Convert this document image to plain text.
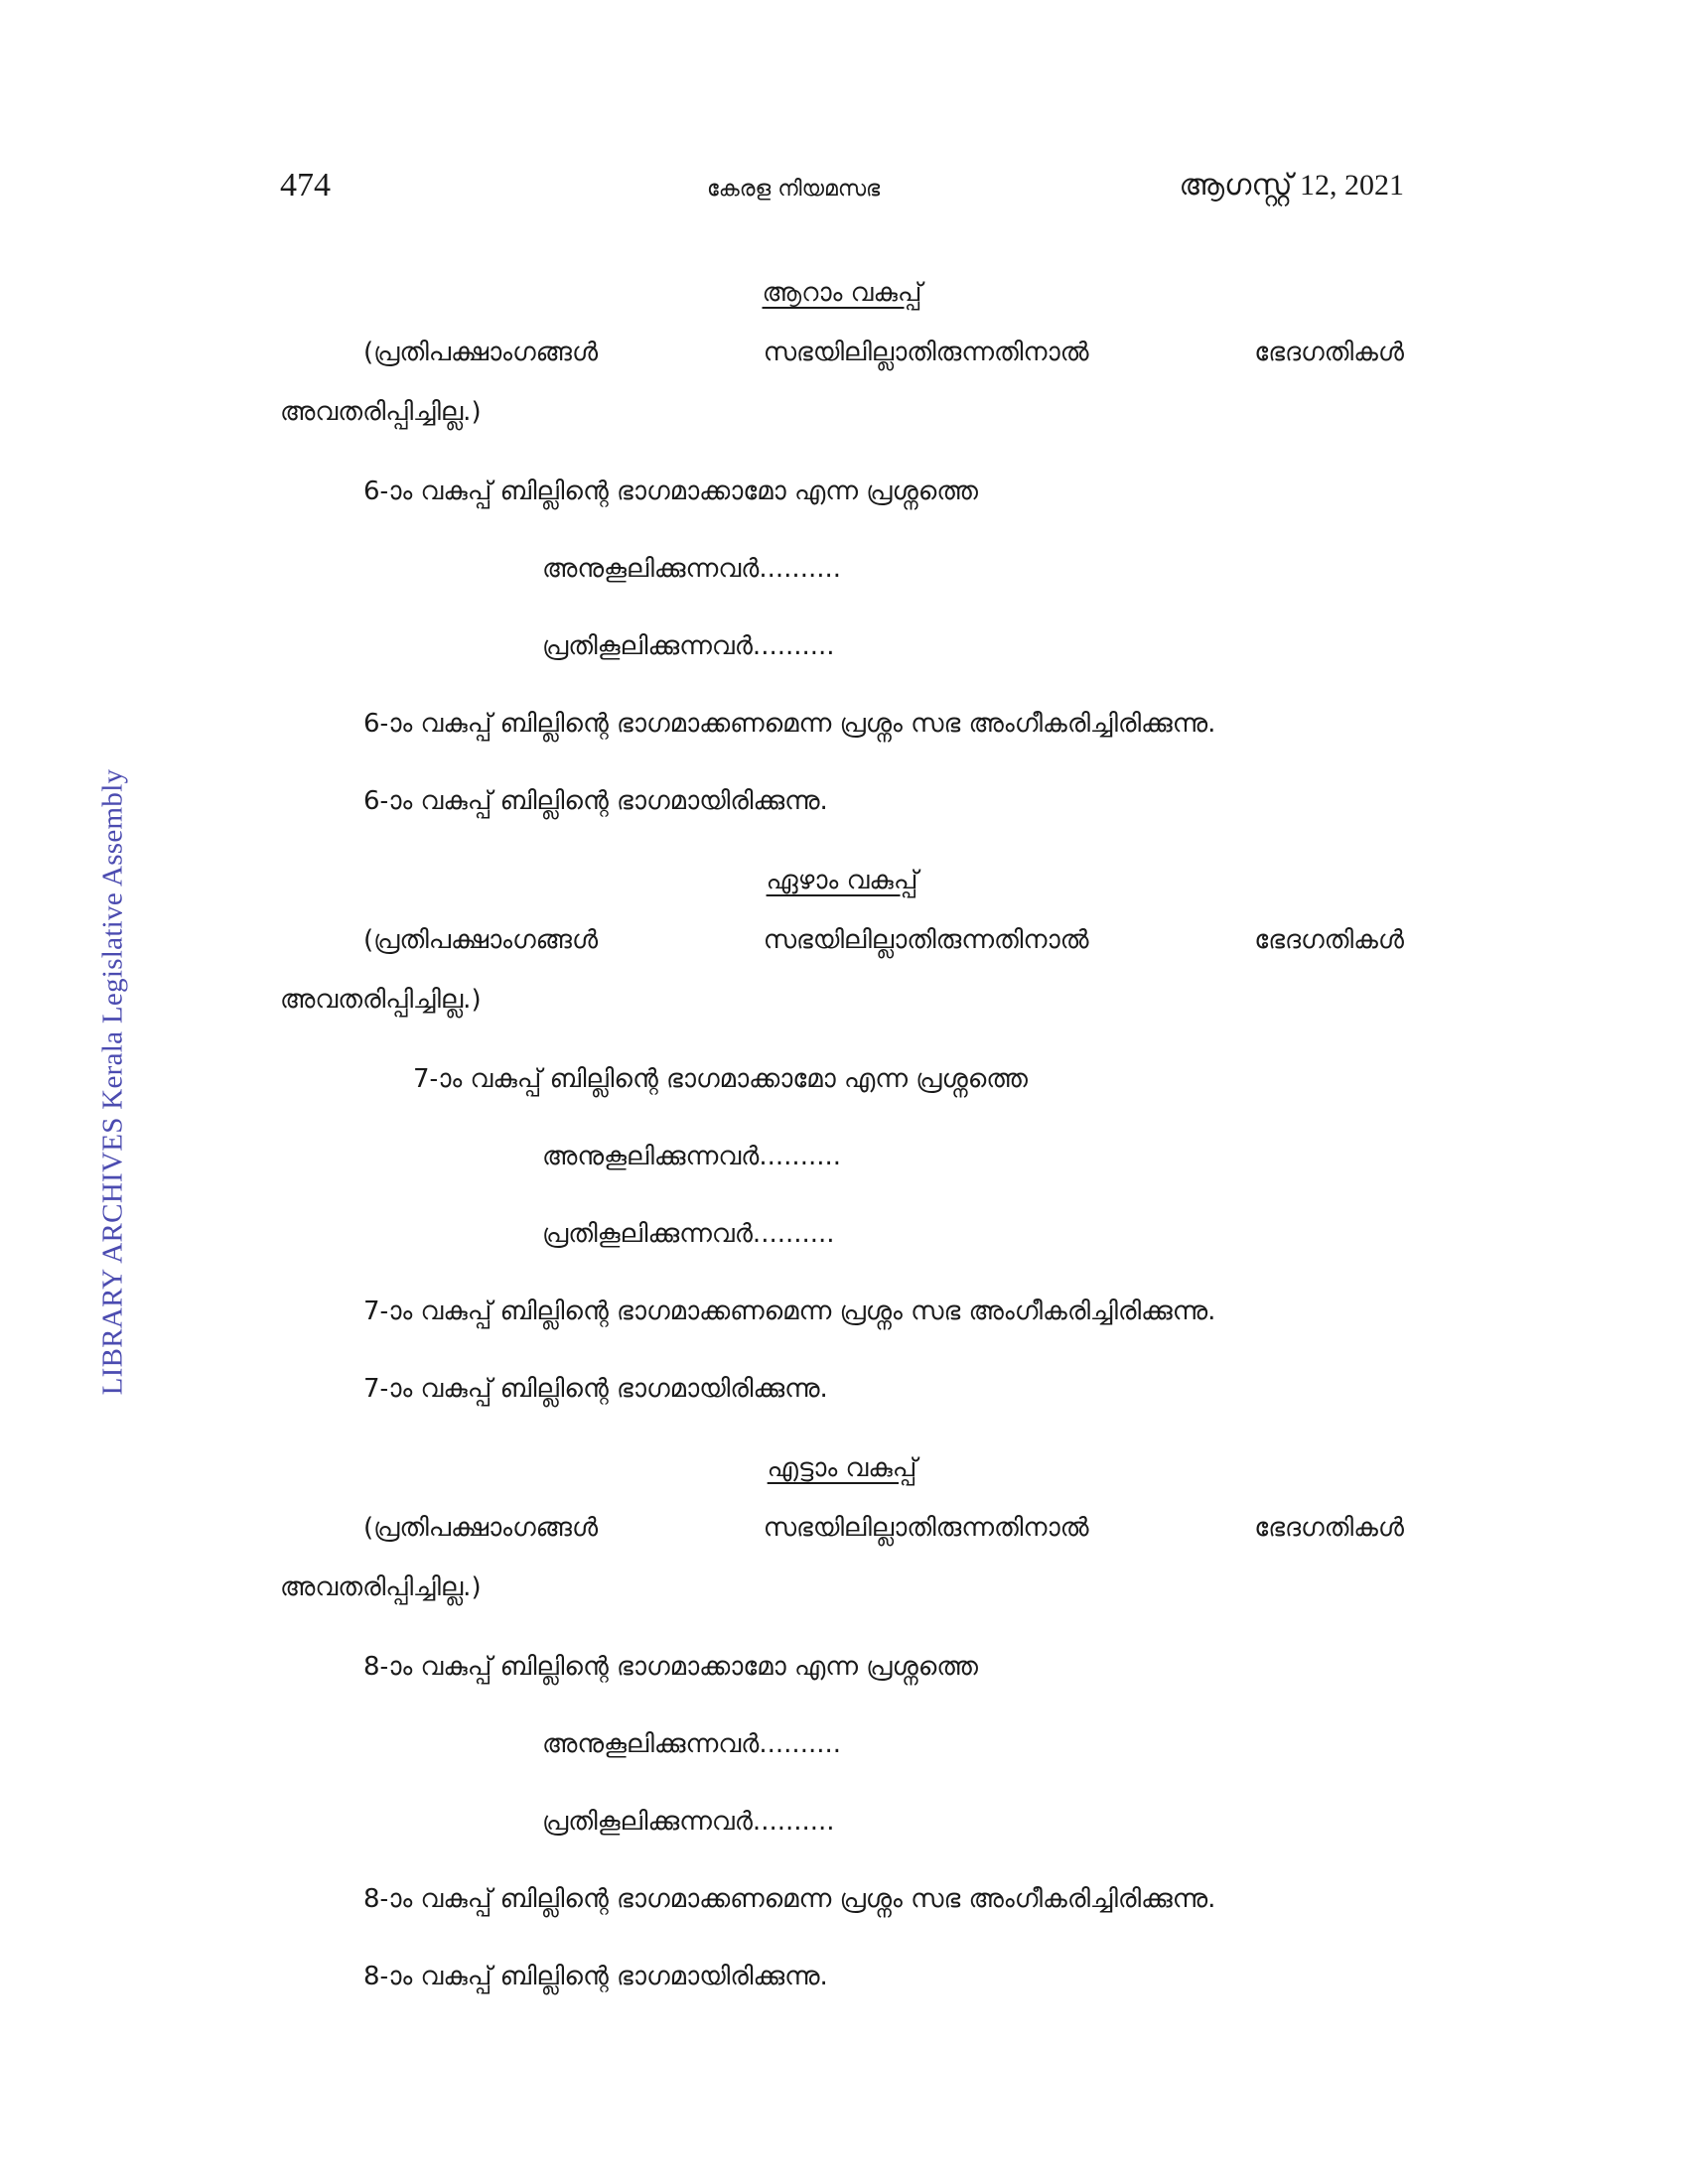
474	കേരള നിയമസഭ	ആഗസ്റ്റ് 12, 2021
LIBRARY ARCHIVES Kerala Legislative Assembly
ആറാം വകുപ്പ്
(പ്രതിപക്ഷാംഗങ്ങൾ	സഭയിലില്ലാതിരുന്നതിനാൽ	ഭേദഗതികൾ
അവതരിപ്പിച്ചില്ല.)
6-ാം വകുപ്പ് ബില്ലിന്റെ ഭാഗമാക്കാമോ എന്ന പ്രശ്നത്തെ
അനുകൂലിക്കുന്നവർ..........
പ്രതികൂലിക്കുന്നവർ..........
6-ാം വകുപ്പ് ബില്ലിന്റെ ഭാഗമാക്കണമെന്ന പ്രശ്നം സഭ അംഗീകരിച്ചിരിക്കുന്നു.
6-ാം വകുപ്പ് ബില്ലിന്റെ ഭാഗമായിരിക്കുന്നു.
ഏഴാം വകുപ്പ്
(പ്രതിപക്ഷാംഗങ്ങൾ	സഭയിലില്ലാതിരുന്നതിനാൽ	ഭേദഗതികൾ
അവതരിപ്പിച്ചില്ല.)
7-ാം വകുപ്പ് ബില്ലിന്റെ ഭാഗമാക്കാമോ എന്ന പ്രശ്നത്തെ
അനുകൂലിക്കുന്നവർ..........
പ്രതികൂലിക്കുന്നവർ..........
7-ാം വകുപ്പ് ബില്ലിന്റെ ഭാഗമാക്കണമെന്ന പ്രശ്നം സഭ അംഗീകരിച്ചിരിക്കുന്നു.
7-ാം വകുപ്പ് ബില്ലിന്റെ ഭാഗമായിരിക്കുന്നു.
എട്ടാം വകുപ്പ്
(പ്രതിപക്ഷാംഗങ്ങൾ	സഭയിലില്ലാതിരുന്നതിനാൽ	ഭേദഗതികൾ
അവതരിപ്പിച്ചില്ല.)
8-ാം വകുപ്പ് ബില്ലിന്റെ ഭാഗമാക്കാമോ എന്ന പ്രശ്നത്തെ
അനുകൂലിക്കുന്നവർ..........
പ്രതികൂലിക്കുന്നവർ..........
8-ാം വകുപ്പ് ബില്ലിന്റെ ഭാഗമാക്കണമെന്ന പ്രശ്നം സഭ അംഗീകരിച്ചിരിക്കുന്നു.
8-ാം വകുപ്പ് ബില്ലിന്റെ ഭാഗമായിരിക്കുന്നു.
